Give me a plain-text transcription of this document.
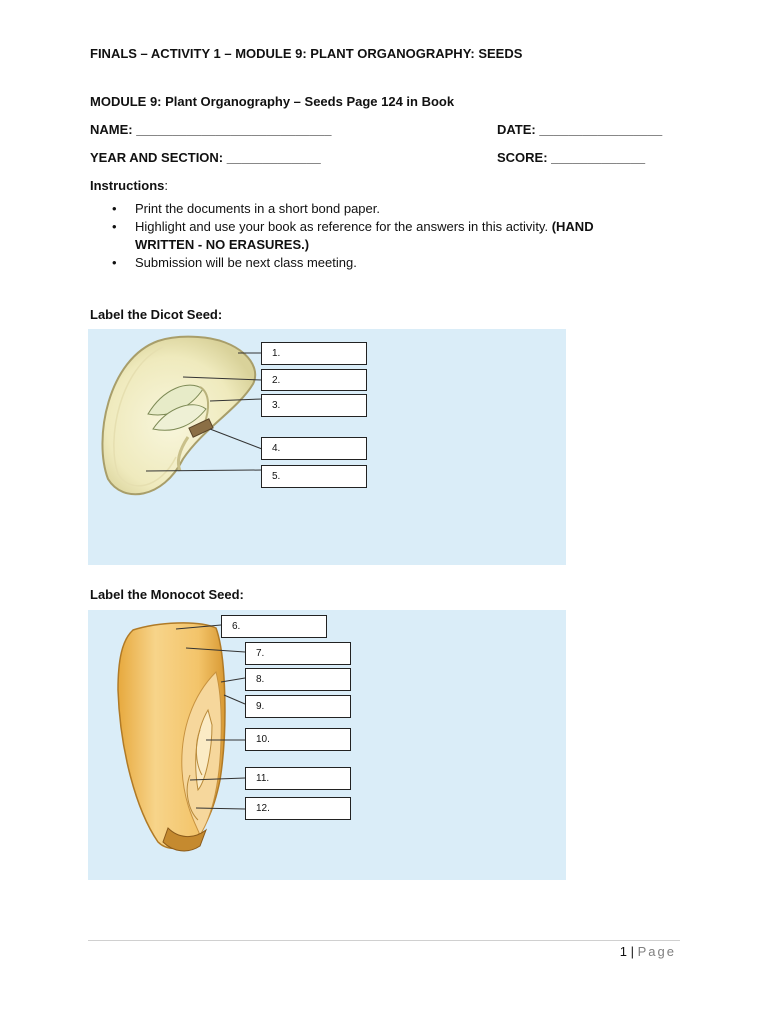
FINALS – ACTIVITY 1 – MODULE 9: PLANT ORGANOGRAPHY: SEEDS
MODULE 9: Plant Organography – Seeds Page 124 in Book
NAME: ___________________________	DATE: _________________
YEAR AND SECTION: _____________	SCORE: _____________
Instructions:
• Print the documents in a short bond paper.
• Highlight and use your book as reference for the answers in this activity. (HAND WRITTEN - NO ERASURES.)
• Submission will be next class meeting.
Label the Dicot Seed:
1.
2.
3.
4.
5.
Label the Monocot Seed:
6.
7.
8.
9.
10.
11.
12.
1 | Page
